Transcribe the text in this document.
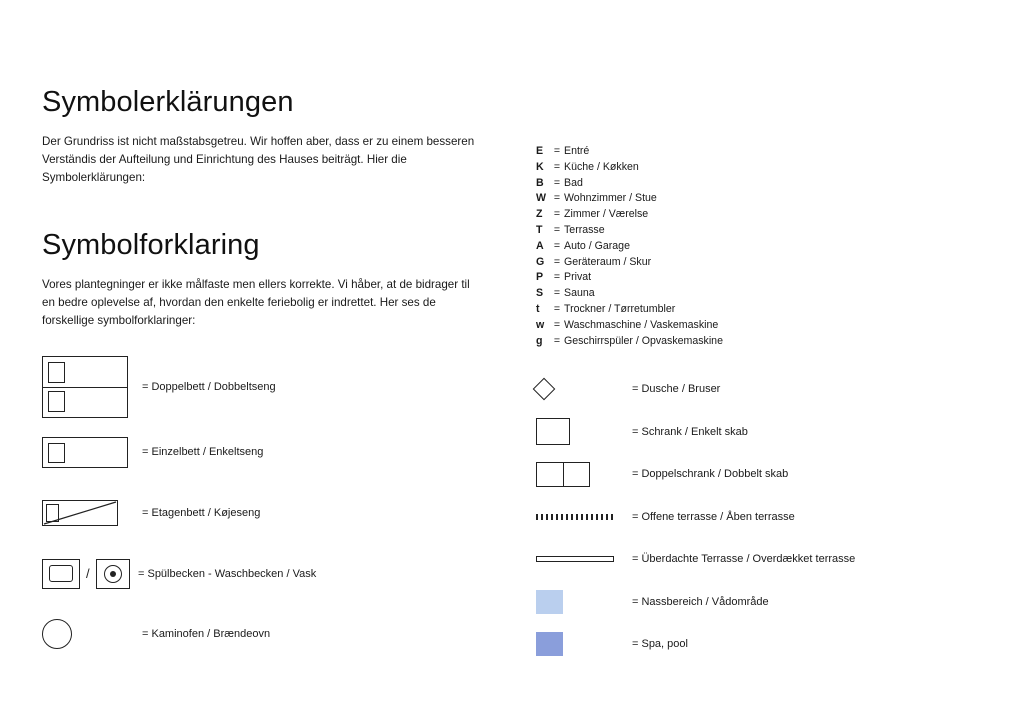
Symbolerklärungen

Der Grundriss ist nicht maßstabsgetreu. Wir hoffen aber, dass er zu einem besseren Verständis der Aufteilung und Einrichtung des Hauses beiträgt. Hier die Symbolerklärungen:

Symbolforklaring

Vores plantegninger er ikke målfaste men ellers korrekte. Vi håber, at de bidrager til en bedre oplevelse af, hvordan den enkelte feriebolig er indrettet. Her ses de forskellige symbolforklaringer:

= Doppelbett / Dobbeltseng
= Einzelbett / Enkeltseng
= Etagenbett / Køjeseng
/	= Spülbecken - Waschbecken / Vask
= Kaminofen / Brændeovn
E	= Entré
K = Küche / Køkken
B = Bad
W = Wohnzimmer / Stue
Z	= Zimmer / Værelse
T	= Terrasse
A = Auto / Garage
G = Geräteraum / Skur
P	= Privat
S	= Sauna
t	= Trockner / Tørretumbler
w = Waschmaschine / Vaskemaskine
g	= Geschirrspüler / Opvaskemaskine
= Dusche / Bruser
= Schrank / Enkelt skab
= Doppelschrank / Dobbelt skab
= Offene terrasse / Åben terrasse
= Überdachte Terrasse / Overdækket terrasse
= Nassbereich / Vådområde
= Spa, pool
